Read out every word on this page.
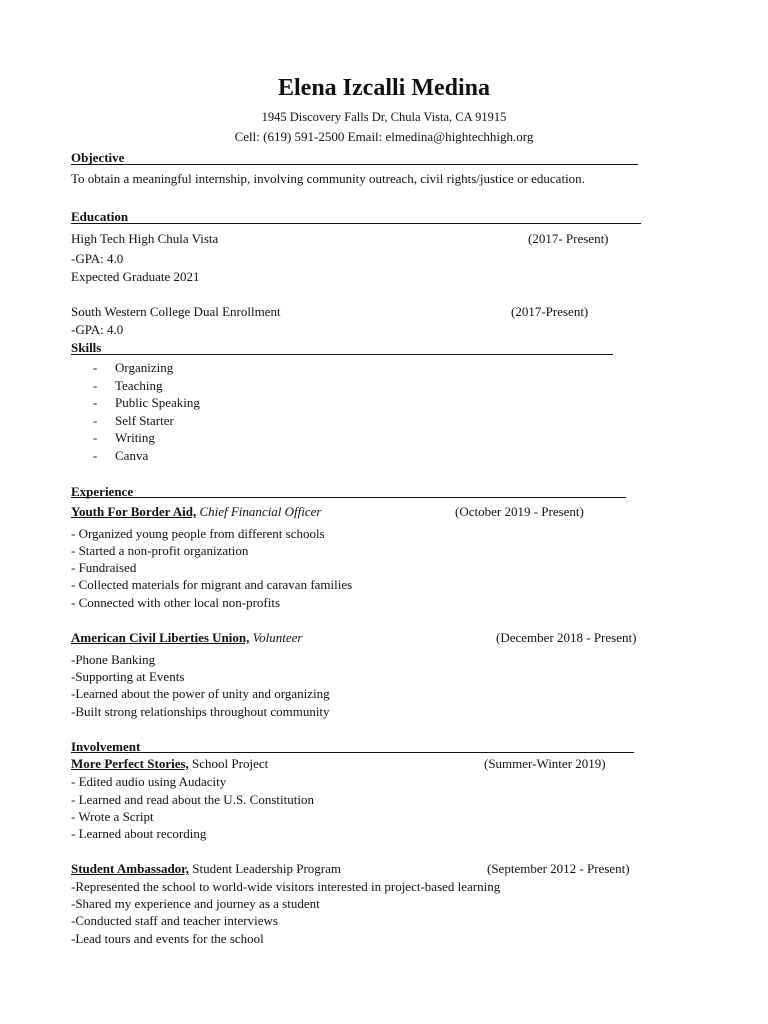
Elena Izcalli Medina
1945 Discovery Falls Dr, Chula Vista, CA 91915
Cell: (619) 591-2500 Email: elmedina@hightechhigh.org
Objective
To obtain a meaningful internship, involving community outreach, civil rights/justice or education.
Education
High Tech High Chula Vista	(2017- Present)
-GPA: 4.0
Expected Graduate 2021
South Western College Dual Enrollment	(2017-Present)
-GPA: 4.0
Skills
- Organizing
- Teaching
- Public Speaking
- Self Starter
- Writing
- Canva
Experience
Youth For Border Aid, Chief Financial Officer	(October 2019 - Present)
- Organized young people from different schools
- Started a non-profit organization
- Fundraised
- Collected materials for migrant and caravan families
- Connected with other local non-profits
American Civil Liberties Union, Volunteer	(December 2018 - Present)
-Phone Banking
-Supporting at Events
-Learned about the power of unity and organizing
-Built strong relationships throughout community
Involvement
More Perfect Stories, School Project	(Summer-Winter 2019)
- Edited audio using Audacity
- Learned and read about the U.S. Constitution
- Wrote a Script
- Learned about recording
Student Ambassador, Student Leadership Program	(September 2012 - Present)
-Represented the school to world-wide visitors interested in project-based learning
-Shared my experience and journey as a student
-Conducted staff and teacher interviews
-Lead tours and events for the school
